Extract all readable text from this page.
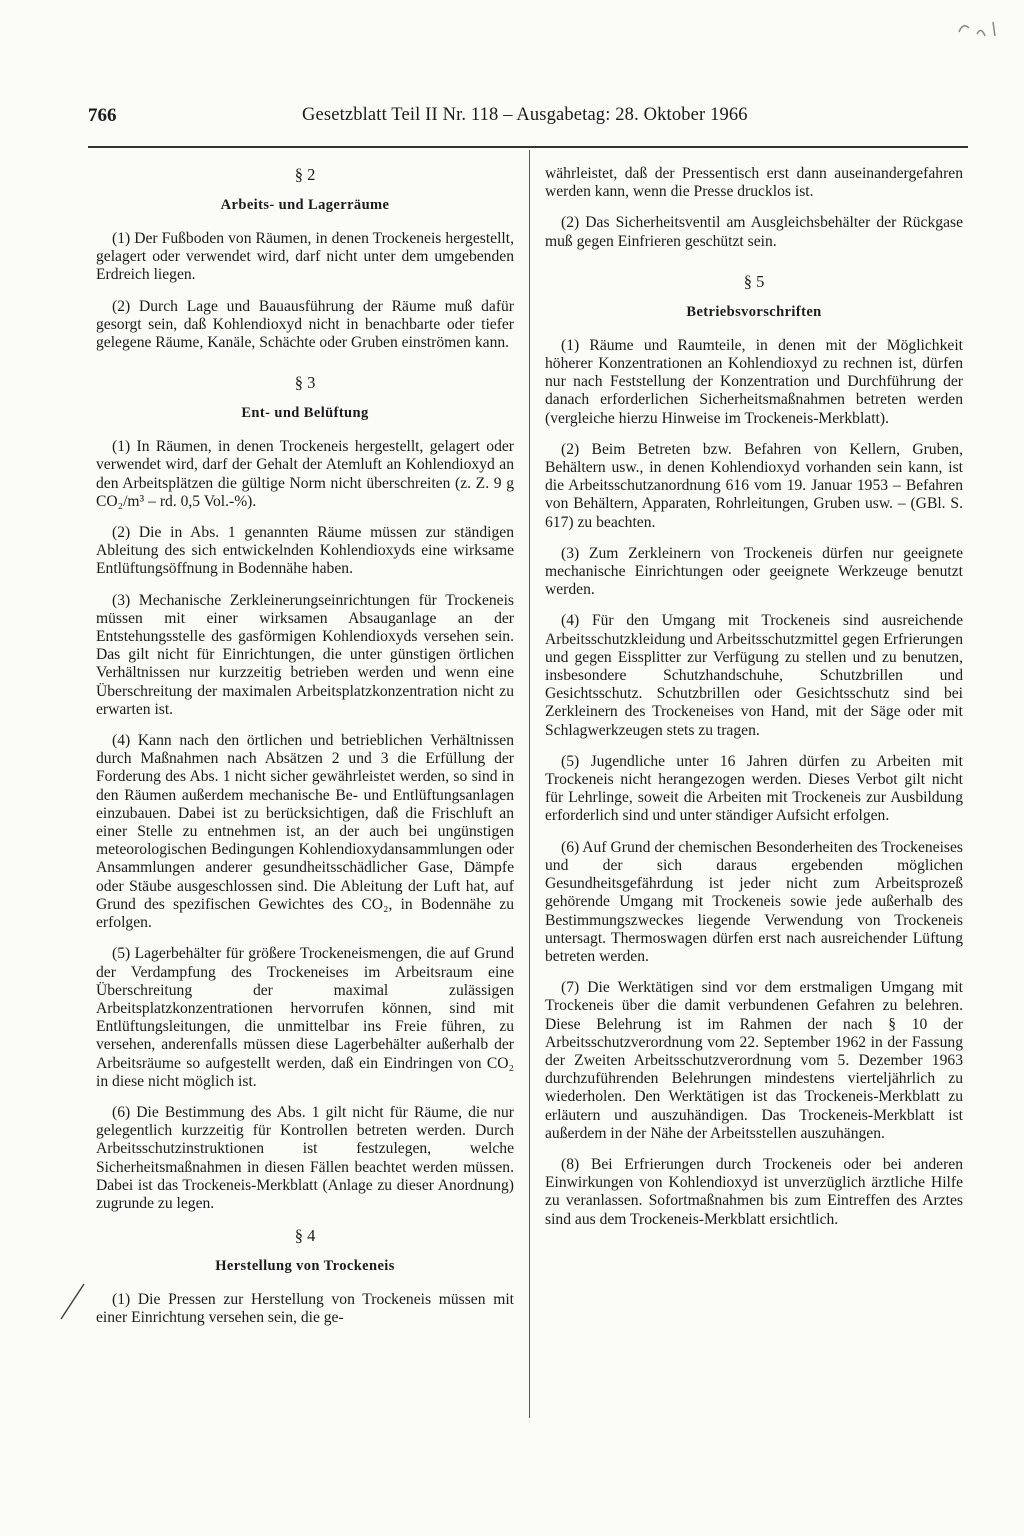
766	Gesetzblatt Teil II Nr. 118 – Ausgabetag: 28. Oktober 1966
§ 2
Arbeits- und Lagerräume

(1) Der Fußboden von Räumen, in denen Trockeneis hergestellt, gelagert oder verwendet wird, darf nicht unter dem umgebenden Erdreich liegen.

(2) Durch Lage und Bauausführung der Räume muß dafür gesorgt sein, daß Kohlendioxyd nicht in benachbarte oder tiefer gelegene Räume, Kanäle, Schächte oder Gruben einströmen kann.

§ 3
Ent- und Belüftung

(1) In Räumen, in denen Trockeneis hergestellt, gelagert oder verwendet wird, darf der Gehalt der Atemluft an Kohlendioxyd an den Arbeitsplätzen die gültige Norm nicht überschreiten (z. Z. 9 g CO₂/m³ – rd. 0,5 Vol.-%).

(2) Die in Abs. 1 genannten Räume müssen zur ständigen Ableitung des sich entwickelnden Kohlendioxyds eine wirksame Entlüftungsöffnung in Bodennähe haben.

(3) Mechanische Zerkleinerungseinrichtungen für Trockeneis müssen mit einer wirksamen Absauganlage an der Entstehungsstelle des gasförmigen Kohlendioxyds versehen sein. Das gilt nicht für Einrichtungen, die unter günstigen örtlichen Verhältnissen nur kurzzeitig betrieben werden und wenn eine Überschreitung der maximalen Arbeitsplatzkonzentration nicht zu erwarten ist.

(4) Kann nach den örtlichen und betrieblichen Verhältnissen durch Maßnahmen nach Absätzen 2 und 3 die Erfüllung der Forderung des Abs. 1 nicht sicher gewährleistet werden, so sind in den Räumen außerdem mechanische Be- und Entlüftungsanlagen einzubauen. Dabei ist zu berücksichtigen, daß die Frischluft an einer Stelle zu entnehmen ist, an der auch bei ungünstigen meteorologischen Bedingungen Kohlendioxydansammlungen oder Ansammlungen anderer gesundheitsschädlicher Gase, Dämpfe oder Stäube ausgeschlossen sind. Die Ableitung der Luft hat, auf Grund des spezifischen Gewichtes des CO₂, in Bodennähe zu erfolgen.

(5) Lagerbehälter für größere Trockeneismengen, die auf Grund der Verdampfung des Trockeneises im Arbeitsraum eine Überschreitung der maximal zulässigen Arbeitsplatzkonzentrationen hervorrufen können, sind mit Entlüftungsleitungen, die unmittelbar ins Freie führen, zu versehen, anderenfalls müssen diese Lagerbehälter außerhalb der Arbeitsräume so aufgestellt werden, daß ein Eindringen von CO₂ in diese nicht möglich ist.

(6) Die Bestimmung des Abs. 1 gilt nicht für Räume, die nur gelegentlich kurzzeitig für Kontrollen betreten werden. Durch Arbeitsschutzinstruktionen ist festzulegen, welche Sicherheitsmaßnahmen in diesen Fällen beachtet werden müssen. Dabei ist das Trockeneis-Merkblatt (Anlage zu dieser Anordnung) zugrunde zu legen.

§ 4
Herstellung von Trockeneis

(1) Die Pressen zur Herstellung von Trockeneis müssen mit einer Einrichtung versehen sein, die ge-

währleistet, daß der Pressentisch erst dann auseinandergefahren werden kann, wenn die Presse drucklos ist.

(2) Das Sicherheitsventil am Ausgleichsbehälter der Rückgase muß gegen Einfrieren geschützt sein.

§ 5
Betriebsvorschriften

(1) Räume und Raumteile, in denen mit der Möglichkeit höherer Konzentrationen an Kohlendioxyd zu rechnen ist, dürfen nur nach Feststellung der Konzentration und Durchführung der danach erforderlichen Sicherheitsmaßnahmen betreten werden (vergleiche hierzu Hinweise im Trockeneis-Merkblatt).

(2) Beim Betreten bzw. Befahren von Kellern, Gruben, Behältern usw., in denen Kohlendioxyd vorhanden sein kann, ist die Arbeitsschutzanordnung 616 vom 19. Januar 1953 – Befahren von Behältern, Apparaten, Rohrleitungen, Gruben usw. – (GBl. S. 617) zu beachten.

(3) Zum Zerkleinern von Trockeneis dürfen nur geeignete mechanische Einrichtungen oder geeignete Werkzeuge benutzt werden.

(4) Für den Umgang mit Trockeneis sind ausreichende Arbeitsschutzkleidung und Arbeitsschutzmittel gegen Erfrierungen und gegen Eissplitter zur Verfügung zu stellen und zu benutzen, insbesondere Schutzhandschuhe, Schutzbrillen und Gesichtsschutz. Schutzbrillen oder Gesichtsschutz sind bei Zerkleinern des Trockeneises von Hand, mit der Säge oder mit Schlagwerkzeugen stets zu tragen.

(5) Jugendliche unter 16 Jahren dürfen zu Arbeiten mit Trockeneis nicht herangezogen werden. Dieses Verbot gilt nicht für Lehrlinge, soweit die Arbeiten mit Trockeneis zur Ausbildung erforderlich sind und unter ständiger Aufsicht erfolgen.

(6) Auf Grund der chemischen Besonderheiten des Trockeneises und der sich daraus ergebenden möglichen Gesundheitsgefährdung ist jeder nicht zum Arbeitsprozeß gehörende Umgang mit Trockeneis sowie jede außerhalb des Bestimmungszweckes liegende Verwendung von Trockeneis untersagt. Thermoswagen dürfen erst nach ausreichender Lüftung betreten werden.

(7) Die Werktätigen sind vor dem erstmaligen Umgang mit Trockeneis über die damit verbundenen Gefahren zu belehren. Diese Belehrung ist im Rahmen der nach § 10 der Arbeitsschutzverordnung vom 22. September 1962 in der Fassung der Zweiten Arbeitsschutzverordnung vom 5. Dezember 1963 durchzuführenden Belehrungen mindestens vierteljährlich zu wiederholen. Den Werktätigen ist das Trockeneis-Merkblatt zu erläutern und auszuhändigen. Das Trockeneis-Merkblatt ist außerdem in der Nähe der Arbeitsstellen auszuhängen.

(8) Bei Erfrierungen durch Trockeneis oder bei anderen Einwirkungen von Kohlendioxyd ist unverzüglich ärztliche Hilfe zu veranlassen. Sofortmaßnahmen bis zum Eintreffen des Arztes sind aus dem Trockeneis-Merkblatt ersichtlich.
